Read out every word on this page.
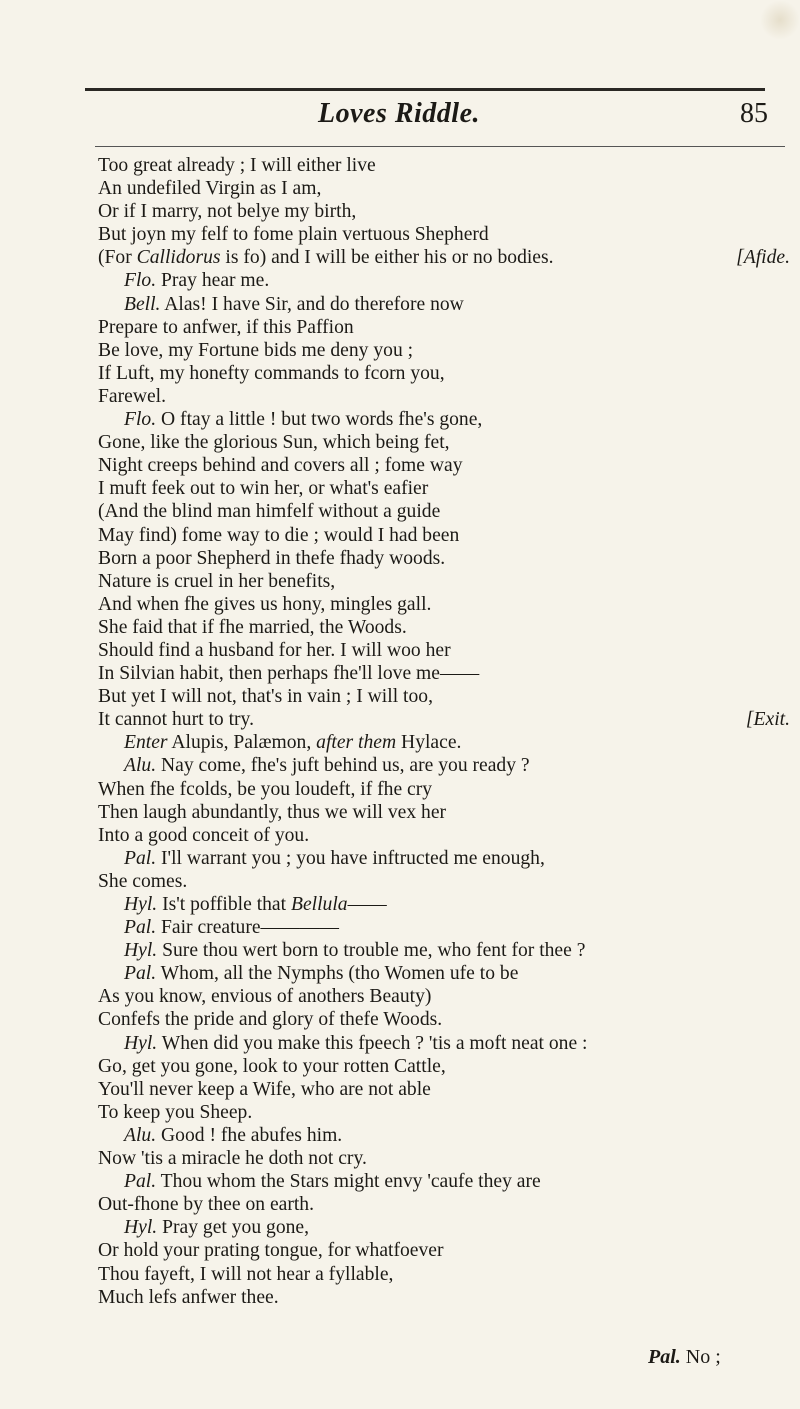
Loves Riddle.	85
Too great already ; I will either live
An undefiled Virgin as I am,
Or if I marry, not belye my birth,
But joyn my felf to fome plain vertuous Shepherd
(For Callidorus is fo) and I will be either his or no bodies.	[Afide.
Flo. Pray hear me.
Bell. Alas! I have Sir, and do therefore now
Prepare to anfwer, if this Paffion
Be love, my Fortune bids me deny you ;
If Luft, my honefty commands to fcorn you,
Farewel.
Flo. O ftay a little ! but two words fhe's gone,
Gone, like the glorious Sun, which being fet,
Night creeps behind and covers all ; fome way
I muft feek out to win her, or what's eafier
(And the blind man himfelf without a guide
May find) fome way to die ; would I had been
Born a poor Shepherd in thefe fhady woods.
Nature is cruel in her benefits,
And when fhe gives us hony, mingles gall.
She faid that if fhe married, the Woods.
Should find a husband for her. I will woo her
In Silvian habit, then perhaps fhe'll love me——
But yet I will not, that's in vain ; I will too,
It cannot hurt to try.	[Exit.
Enter Alupis, Palæmon, after them Hylace.
Alu. Nay come, fhe's juft behind us, are you ready ?
When fhe fcolds, be you loudeft, if fhe cry
Then laugh abundantly, thus we will vex her
Into a good conceit of you.
Pal. I'll warrant you ; you have inftructed me enough,
She comes.
Hyl. Is't poffible that Bellula——
Pal. Fair creature————
Hyl. Sure thou wert born to trouble me, who fent for thee ?
Pal. Whom, all the Nymphs (tho Women ufe to be
As you know, envious of anothers Beauty)
Confefs the pride and glory of thefe Woods.
Hyl. When did you make this fpeech ? 'tis a moft neat one :
Go, get you gone, look to your rotten Cattle,
You'll never keep a Wife, who are not able
To keep you Sheep.
Alu. Good ! fhe abufes him.
Now 'tis a miracle he doth not cry.
Pal. Thou whom the Stars might envy 'caufe they are
Out-fhone by thee on earth.
Hyl. Pray get you gone,
Or hold your prating tongue, for whatfoever
Thou fayeft, I will not hear a fyllable,
Much lefs anfwer thee.
Pal. No ;
